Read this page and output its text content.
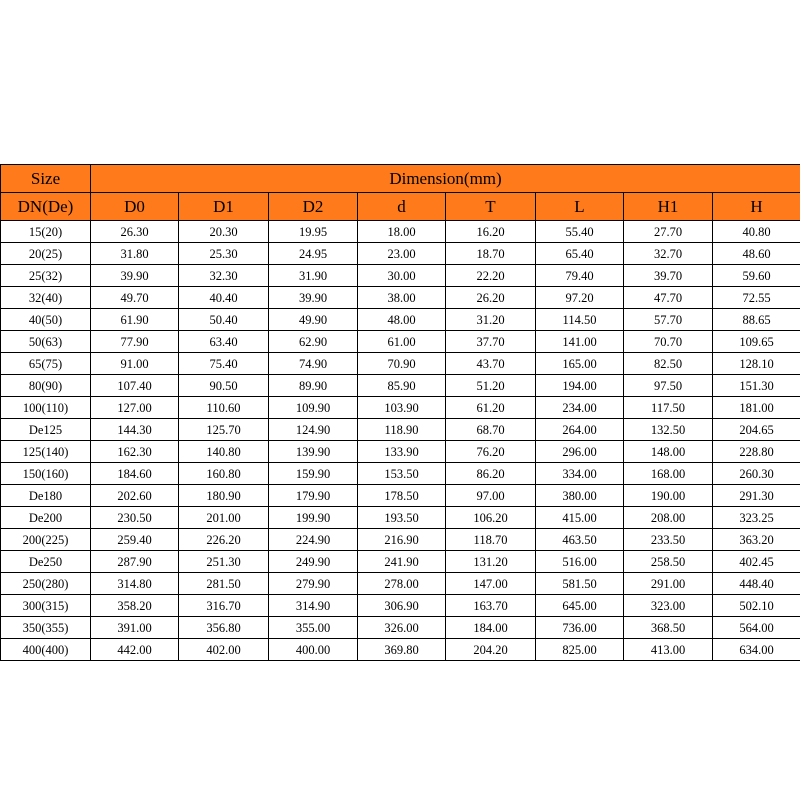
Size	Dimension(mm)							
DN(De)	D0	D1	D2	d	T	L	H1	H
15(20)	26.30	20.30	19.95	18.00	16.20	55.40	27.70	40.80
20(25)	31.80	25.30	24.95	23.00	18.70	65.40	32.70	48.60
25(32)	39.90	32.30	31.90	30.00	22.20	79.40	39.70	59.60
32(40)	49.70	40.40	39.90	38.00	26.20	97.20	47.70	72.55
40(50)	61.90	50.40	49.90	48.00	31.20	114.50	57.70	88.65
50(63)	77.90	63.40	62.90	61.00	37.70	141.00	70.70	109.65
65(75)	91.00	75.40	74.90	70.90	43.70	165.00	82.50	128.10
80(90)	107.40	90.50	89.90	85.90	51.20	194.00	97.50	151.30
100(110)	127.00	110.60	109.90	103.90	61.20	234.00	117.50	181.00
De125	144.30	125.70	124.90	118.90	68.70	264.00	132.50	204.65
125(140)	162.30	140.80	139.90	133.90	76.20	296.00	148.00	228.80
150(160)	184.60	160.80	159.90	153.50	86.20	334.00	168.00	260.30
De180	202.60	180.90	179.90	178.50	97.00	380.00	190.00	291.30
De200	230.50	201.00	199.90	193.50	106.20	415.00	208.00	323.25
200(225)	259.40	226.20	224.90	216.90	118.70	463.50	233.50	363.20
De250	287.90	251.30	249.90	241.90	131.20	516.00	258.50	402.45
250(280)	314.80	281.50	279.90	278.00	147.00	581.50	291.00	448.40
300(315)	358.20	316.70	314.90	306.90	163.70	645.00	323.00	502.10
350(355)	391.00	356.80	355.00	326.00	184.00	736.00	368.50	564.00
400(400)	442.00	402.00	400.00	369.80	204.20	825.00	413.00	634.00
